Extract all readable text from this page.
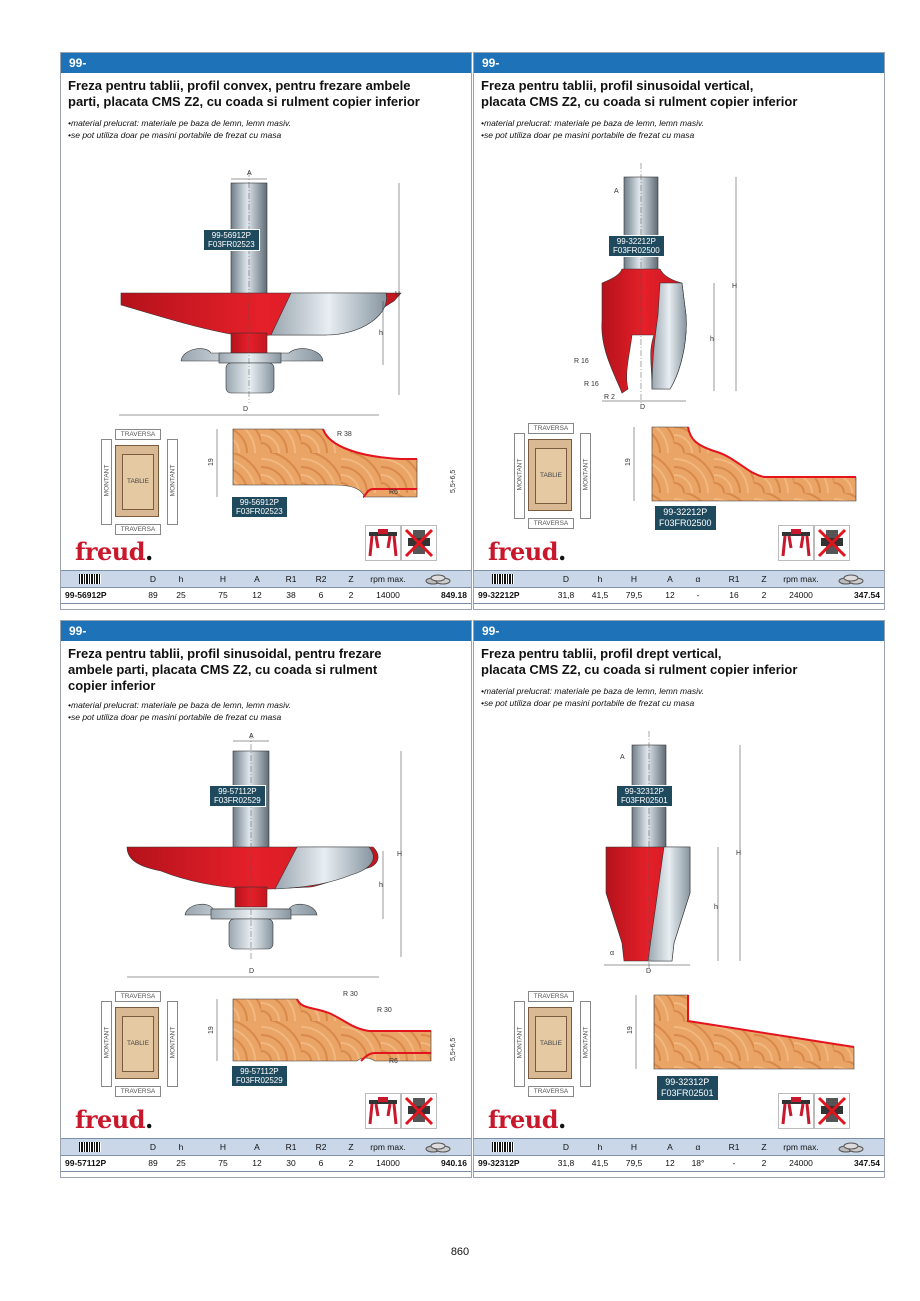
99-
Freza pentru tablii, profil convex, pentru frezare ambele
parti, placata CMS Z2, cu coada si rulment copier inferior
• material prelucrat: materiale pe baza de lemn, lemn masiv.
• se pot utiliza doar pe masini portabile de frezat cu masa
A
H
h
D
19
R 38
R6	5,5÷6,5
99-56912P
F03FR02523
99-56912P
F03FR02523
TRAVERSA
MONTANT	TABLIE	MONTANT
TRAVERSA
freud.
D	h	H	A	R1	R2	Z	rpm max.
99-56912P	89	25	75	12	38	6	2	14000	849.18
99-
Freza pentru tablii, profil sinusoidal vertical,
placata CMS Z2, cu coada si rulment copier inferior
• material prelucrat: materiale pe baza de lemn, lemn masiv.
• se pot utiliza doar pe masini portabile de frezat cu masa
A
H
h
D
R 16
R 16
R 2
19
99-32212P
F03FR02500
99-32212P
F03FR02500
TRAVERSA
MONTANT	TABLIE	MONTANT
TRAVERSA
freud.
D	h	H	A	α	R1	Z	rpm max.
99-32212P	31,8	41,5	79,5	12	-	16	2	24000	347.54
99-
Freza pentru tablii, profil sinusoidal, pentru frezare
ambele parti, placata CMS Z2, cu coada si rulment
copier inferior
• material prelucrat: materiale pe baza de lemn, lemn masiv.
• se pot utiliza doar pe masini portabile de frezat cu masa
A
H
h
D
19
R 30
R 30
R6
5,5÷6,5
99-57112P
F03FR02529
99-57112P
F03FR02529
TRAVERSA
MONTANT	TABLIE	MONTANT
TRAVERSA
freud.
D	h	H	A	R1	R2	Z	rpm max.
99-57112P	89	25	75	12	30	6	2	14000	940.16
99-
Freza pentru tablii, profil drept vertical,
placata CMS Z2, cu coada si rulment copier inferior
• material prelucrat: materiale pe baza de lemn, lemn masiv.
• se pot utiliza doar pe masini portabile de frezat cu masa
A
H
h
D
α
19
99-32312P
F03FR02501
99-32312P
F03FR02501
TRAVERSA
MONTANT	TABLIE	MONTANT
TRAVERSA
freud.
D	h	H	A	α	R1	Z	rpm max.
99-32312P	31,8	41,5	79,5	12	18°	-	2	24000	347.54
860
